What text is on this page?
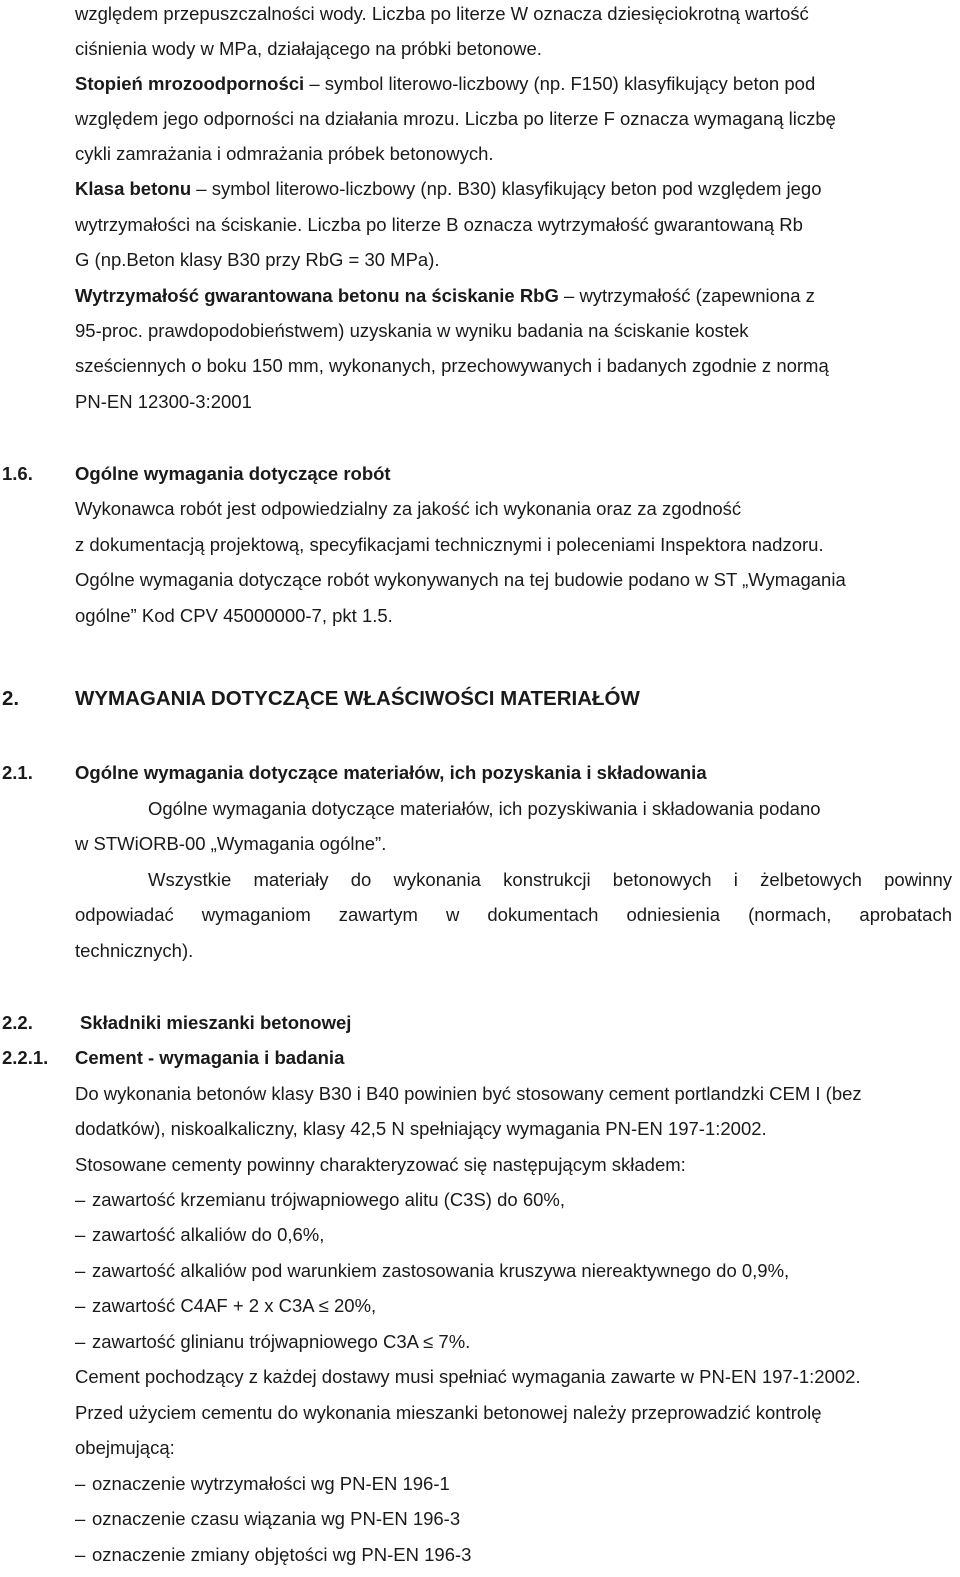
względem przepuszczalności wody. Liczba po literze W oznacza dziesięciokrotną wartość
ciśnienia wody w MPa, działającego na próbki betonowe.
Stopień mrozoodporności – symbol literowo-liczbowy (np. F150) klasyfikujący beton pod
względem jego odporności na działania mrozu. Liczba po literze F oznacza wymaganą liczbę
cykli zamrażania i odmrażania próbek betonowych.
Klasa betonu – symbol literowo-liczbowy (np. B30) klasyfikujący beton pod względem jego
wytrzymałości na ściskanie. Liczba po literze B oznacza wytrzymałość gwarantowaną Rb
G (np.Beton klasy B30 przy RbG = 30 MPa).
Wytrzymałość gwarantowana betonu na ściskanie RbG – wytrzymałość (zapewniona z
95-proc. prawdopodobieństwem) uzyskania w wyniku badania na ściskanie kostek
sześciennych o boku 150 mm, wykonanych, przechowywanych i badanych zgodnie z normą
PN-EN 12300-3:2001
1.6. Ogólne wymagania dotyczące robót
Wykonawca robót jest odpowiedzialny za jakość ich wykonania oraz za zgodność
z dokumentacją projektową, specyfikacjami technicznymi i poleceniami Inspektora nadzoru.
Ogólne wymagania dotyczące robót wykonywanych na tej budowie podano w ST „Wymagania
ogólne” Kod CPV 45000000-7, pkt 1.5.
2.	WYMAGANIA DOTYCZĄCE WŁAŚCIWOŚCI MATERIAŁÓW
2.1. Ogólne wymagania dotyczące materiałów, ich pozyskania i składowania
Ogólne wymagania dotyczące materiałów, ich pozyskiwania i składowania podano
w STWiORB-00 „Wymagania ogólne”.
Wszystkie materiały do wykonania konstrukcji betonowych i żelbetowych powinny
odpowiadać wymaganiom zawartym w dokumentach odniesienia (normach, aprobatach
technicznych).
2.2.	Składniki mieszanki betonowej
2.2.1. Cement - wymagania i badania
Do wykonania betonów klasy B30 i B40 powinien być stosowany cement portlandzki CEM I (bez
dodatków), niskoalkaliczny, klasy 42,5 N spełniający wymagania PN-EN 197-1:2002.
Stosowane cementy powinny charakteryzować się następującym składem:
– zawartość krzemianu trójwapniowego alitu (C3S) do 60%,
– zawartość alkaliów do 0,6%,
– zawartość alkaliów pod warunkiem zastosowania kruszywa niereaktywnego do 0,9%,
– zawartość C4AF + 2 x C3A ≤ 20%,
– zawartość glinianu trójwapniowego C3A ≤ 7%.
Cement pochodzący z każdej dostawy musi spełniać wymagania zawarte w PN-EN 197-1:2002.
Przed użyciem cementu do wykonania mieszanki betonowej należy przeprowadzić kontrolę
obejmującą:
– oznaczenie wytrzymałości wg PN-EN 196-1
– oznaczenie czasu wiązania wg PN-EN 196-3
– oznaczenie zmiany objętości wg PN-EN 196-3
